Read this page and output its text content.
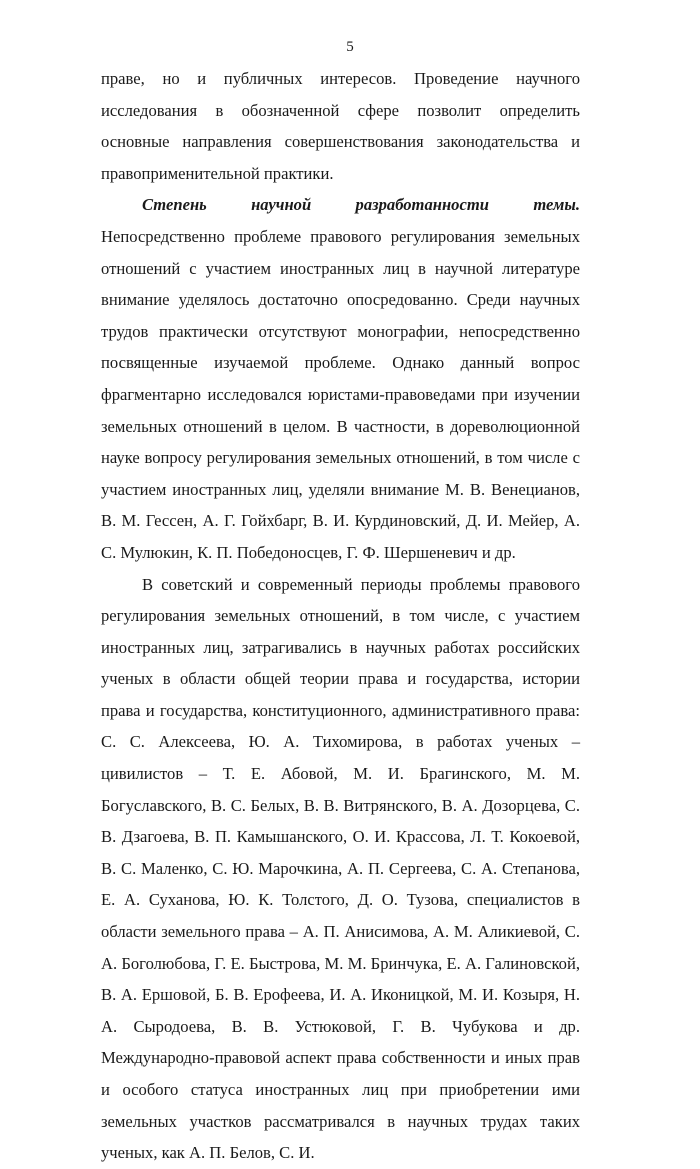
5

праве, но и публичных интересов. Проведение научного исследования в обозначенной сфере позволит определить основные направления совершенствования законодательства и правоприменительной практики.

Степень научной разработанности темы. Непосредственно проблеме правового регулирования земельных отношений с участием иностранных лиц в научной литературе внимание уделялось достаточно опосредованно. Среди научных трудов практически отсутствуют монографии, непосредственно посвященные изучаемой проблеме. Однако данный вопрос фрагментарно исследовался юристами-правоведами при изучении земельных отношений в целом. В частности, в дореволюционной науке вопросу регулирования земельных отношений, в том числе с участием иностранных лиц, уделяли внимание М. В. Венецианов, В. М. Гессен, А. Г. Гойхбарг, В. И. Курдиновский, Д. И. Мейер, А. С. Мулюкин, К. П. Победоносцев, Г. Ф. Шершеневич и др.

В советский и современный периоды проблемы правового регулирования земельных отношений, в том числе, с участием иностранных лиц, затрагивались в научных работах российских ученых в области общей теории права и государства, истории права и государства, конституционного, административного права: С. С. Алексеева, Ю. А. Тихомирова, в работах ученых – цивилистов – Т. Е. Абовой, М. И. Брагинского, М. М. Богуславского, В. С. Белых, В. В. Витрянского, В. А. Дозорцева, С. В. Дзагоева, В. П. Камышанского, О. И. Крассова, Л. Т. Кокоевой, В. С. Маленко, С. Ю. Марочкина, А. П. Сергеева, С. А. Степанова, Е. А. Суханова, Ю. К. Толстого, Д. О. Тузова, специалистов в области земельного права – А. П. Анисимова, А. М. Аликиевой, С. А. Боголюбова, Г. Е. Быстрова, М. М. Бринчука, Е. А. Галиновской, В. А. Ершовой, Б. В. Ерофеева, И. А. Иконицкой, М. И. Козыря, Н. А. Сыродоева, В. В. Устюковой, Г. В. Чубукова и др. Международно-правовой аспект права собственности и иных прав и особого статуса иностранных лиц при приобретении ими земельных участков рассматривался в научных трудах таких ученых, как А. П. Белов, С. И.
